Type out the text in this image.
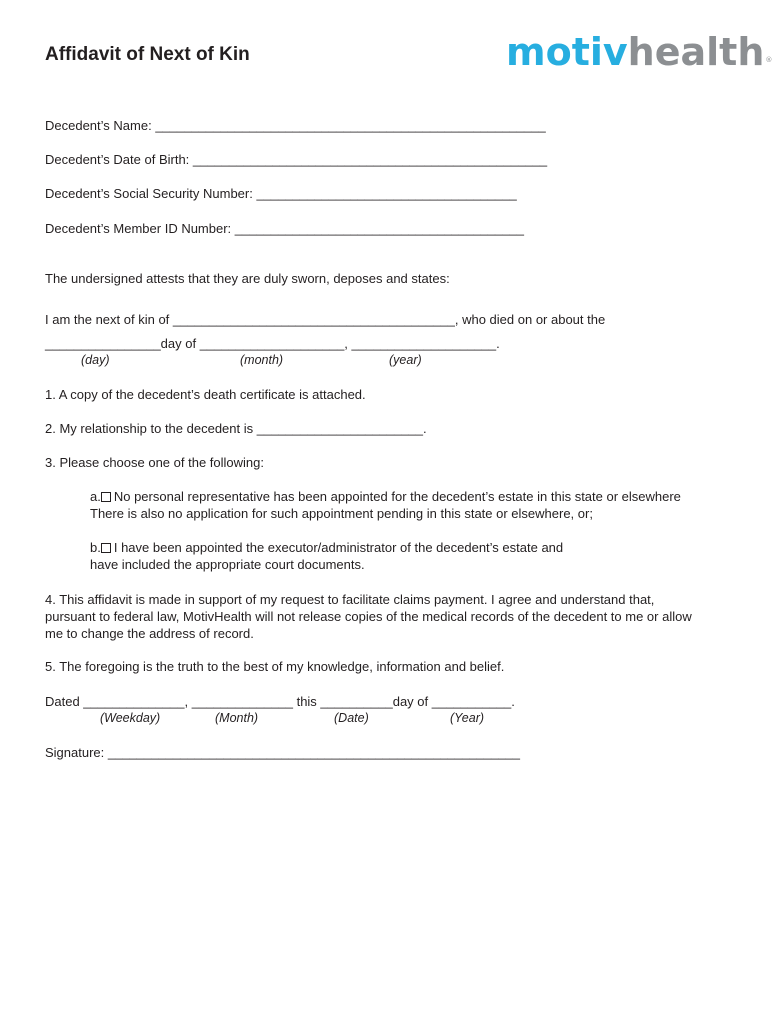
Affidavit of Next of Kin	motivhealth ®
Decedent’s Name: ______________________________________________________
Decedent’s Date of Birth: _________________________________________________
Decedent’s Social Security Number: ____________________________________
Decedent’s Member ID Number: ________________________________________
The undersigned attests that they are duly sworn, deposes and states:
I am the next of kin of _______________________________________, who died on or about the
________________day of ____________________, ____________________.
(day)	(month)	(year)
1. A copy of the decedent’s death certificate is attached.
2. My relationship to the decedent is _______________________.
3. Please choose one of the following:
a. No personal representative has been appointed for the decedent’s estate in this state or elsewhere
There is also no application for such appointment pending in this state or elsewhere, or;
b. I have been appointed the executor/administrator of the decedent’s estate and
have included the appropriate court documents.
4. This affidavit is made in support of my request to facilitate claims payment. I agree and understand that,
pursuant to federal law, MotivHealth will not release copies of the medical records of the decedent to me or allow
me to change the address of record.
5. The foregoing is the truth to the best of my knowledge, information and belief.
Dated ______________, ______________ this __________day of ___________.
(Weekday)	(Month)	(Date)	(Year)
Signature: _________________________________________________________
